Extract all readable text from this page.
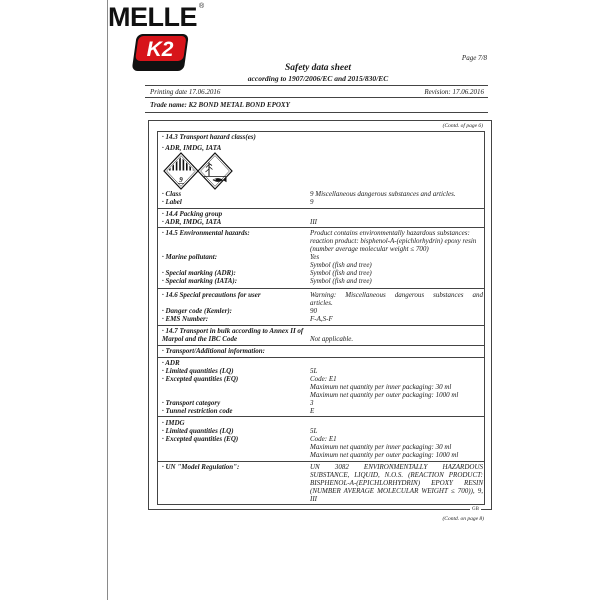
MELLE ®
K2	Page 7/8
Safety data sheet
according to 1907/2006/EC and 2015/830/EC
Printing date 17.06.2016	Revision: 17.06.2016
Trade name: K2 BOND METAL BOND EPOXY
(Contd. of page 6)
· 14.3 Transport hazard class(es)
· ADR, IMDG, IATA
9
· Class	9 Miscellaneous dangerous substances and articles.
· Label	9
· 14.4 Packing group
· ADR, IMDG, IATA	III
· 14.5 Environmental hazards:	Product contains environmentally hazardous substances:
reaction product: bisphenol-A-(epichlorhydrin) epoxy resin
(number average molecular weight ≤ 700)
· Marine pollutant:	Yes
Symbol (fish and tree)
· Special marking (ADR):	Symbol (fish and tree)
· Special marking (IATA):	Symbol (fish and tree)
· 14.6 Special precautions for user	Warning: Miscellaneous dangerous substances and
articles.
· Danger code (Kemler):	90
· EMS Number:	F-A,S-F
· 14.7 Transport in bulk according to Annex II of
Marpol and the IBC Code	Not applicable.
· Transport/Additional information:
· ADR
· Limited quantities (LQ)	5L
· Excepted quantities (EQ)	Code: E1
Maximum net quantity per inner packaging: 30 ml
Maximum net quantity per outer packaging: 1000 ml
· Transport category	3
· Tunnel restriction code	E
· IMDG
· Limited quantities (LQ)	5L
· Excepted quantities (EQ)	Code: E1
Maximum net quantity per inner packaging: 30 ml
Maximum net quantity per outer packaging: 1000 ml
· UN "Model Regulation":	UN 3082 ENVIRONMENTALLY HAZARDOUS
SUBSTANCE, LIQUID, N.O.S. (REACTION PRODUCT:
BISPHENOL-A-(EPICHLORHYDRIN) EPOXY RESIN
(NUMBER AVERAGE MOLECULAR WEIGHT ≤ 700)), 9,
III
GB
(Contd. on page 8)
